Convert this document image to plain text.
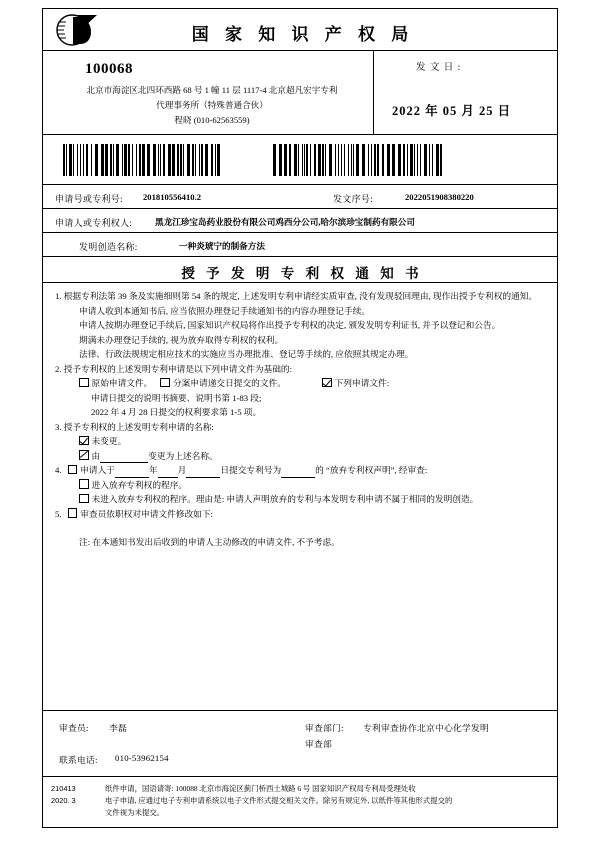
国 家 知 识 产 权 局
100068
北京市海淀区北四环西路 68 号 1 幢 11 层 1117-4 北京超凡宏宇专利
代理事务所（特殊普通合伙）
程晓 (010-62563559)
发 文 日 :
2022 年 05 月 25 日
申请号或专利号: 201810556410.2	发文序号:	2022051908380220
申请人或专利权人:	黑龙江珍宝岛药业股份有限公司鸡西分公司,哈尔滨珍宝制药有限公司
发明创造名称:	一种炎琥宁的制备方法
授 予 发 明 专 利 权 通 知 书
1. 根据专利法第 39 条及实施细则第 54 条的规定, 上述发明专利申请经实质审查, 没有发现驳回理由, 现作出授予专利权的通知。
申请人收到本通知书后, 应当依照办理登记手续通知书的内容办理登记手续。
申请人按期办理登记手续后, 国家知识产权局将作出授予专利权的决定, 颁发发明专利证书, 并予以登记和公告。
期满未办理登记手续的, 视为放弃取得专利权的权利。
法律、行政法规规定相应技术的实施应当办理批准、登记等手续的, 应依照其规定办理。
2. 授予专利权的上述发明专利申请是以下列申请文件为基础的:
原始申请文件。 分案申请递交日提交的文件。	下列申请文件:
申请日提交的说明书摘要、说明书第 1-83 段;
2022 年 4 月 28 日提交的权利要求第 1-5 项。
3. 授予专利权的上述发明专利申请的名称:
未变更。
由	变更为上述名称。
4. 申请人于	年 月	日提交专利号为	的 “放弃专利权声明”, 经审查:
进入放弃专利权的程序。
未进入放弃专利权的程序。理由是: 申请人声明放弃的专利与本发明专利申请不属于相同的发明创造。
5. 审查员依职权对申请文件修改如下:
注: 在本通知书发出后收到的申请人主动修改的申请文件, 不予考虑。
审查员: 李磊	审查部门: 专利审查协作北京中心化学发明
审查部
联系电话: 010-53962154
210413
2020. 3
纸件申请，国语请寄: 100088 北京市海淀区蓟门桥西土城路 6 号 国家知识产权局专利局受理处收
电子申请, 应通过电子专利申请系统以电子文件形式提交相关文件。除另有规定外, 以纸件等其他形式提交的
文件视为未提交。
